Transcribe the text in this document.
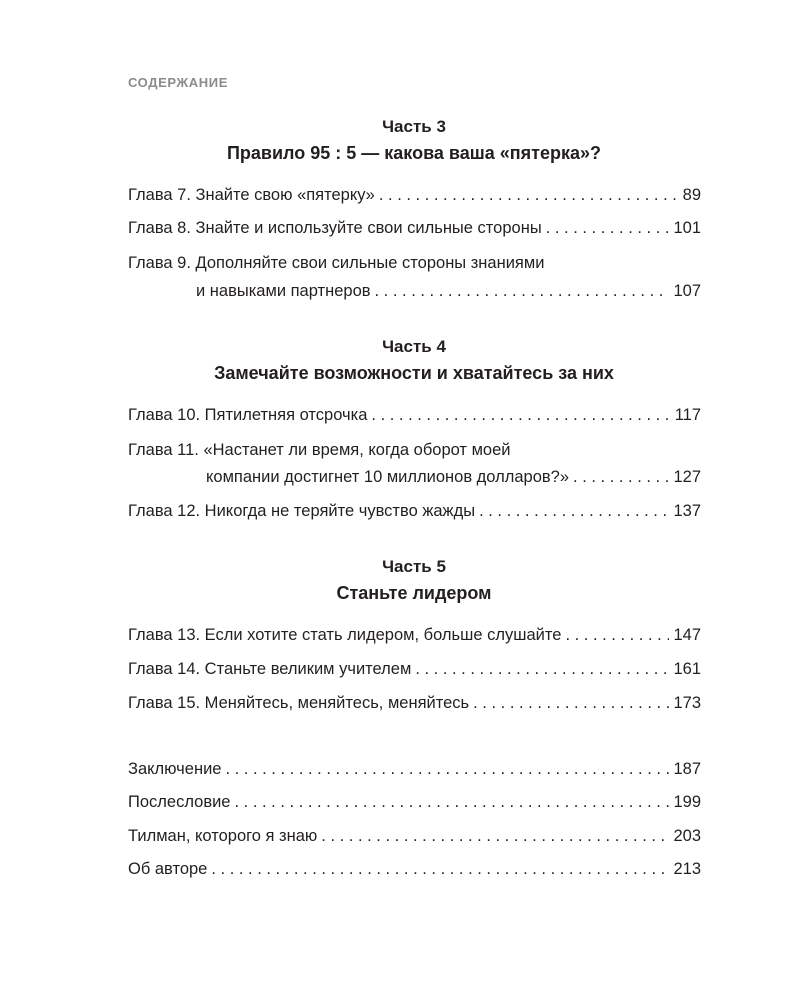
СОДЕРЖАНИЕ
Часть 3
Правило 95 : 5 — какова ваша «пятерка»?
Глава 7. Знайте свою «пятерку» . . .	89
Глава 8. Знайте и используйте свои сильные стороны . . .	101
Глава 9. Дополняйте свои сильные стороны знаниями
и навыками партнеров . . .	107
Часть 4
Замечайте возможности и хватайтесь за них
Глава 10. Пятилетняя отсрочка . . .	117
Глава 11. «Настанет ли время, когда оборот моей
компании достигнет 10 миллионов долларов?» . . .	127
Глава 12. Никогда не теряйте чувство жажды . . .	137
Часть 5
Станьте лидером
Глава 13. Если хотите стать лидером, больше слушайте . . .	147
Глава 14. Станьте великим учителем . . .	161
Глава 15. Меняйтесь, меняйтесь, меняйтесь . . .	173
Заключение . . .	187
Послесловие . . .	199
Тилман, которого я знаю . . .	203
Об авторе . . .	213
